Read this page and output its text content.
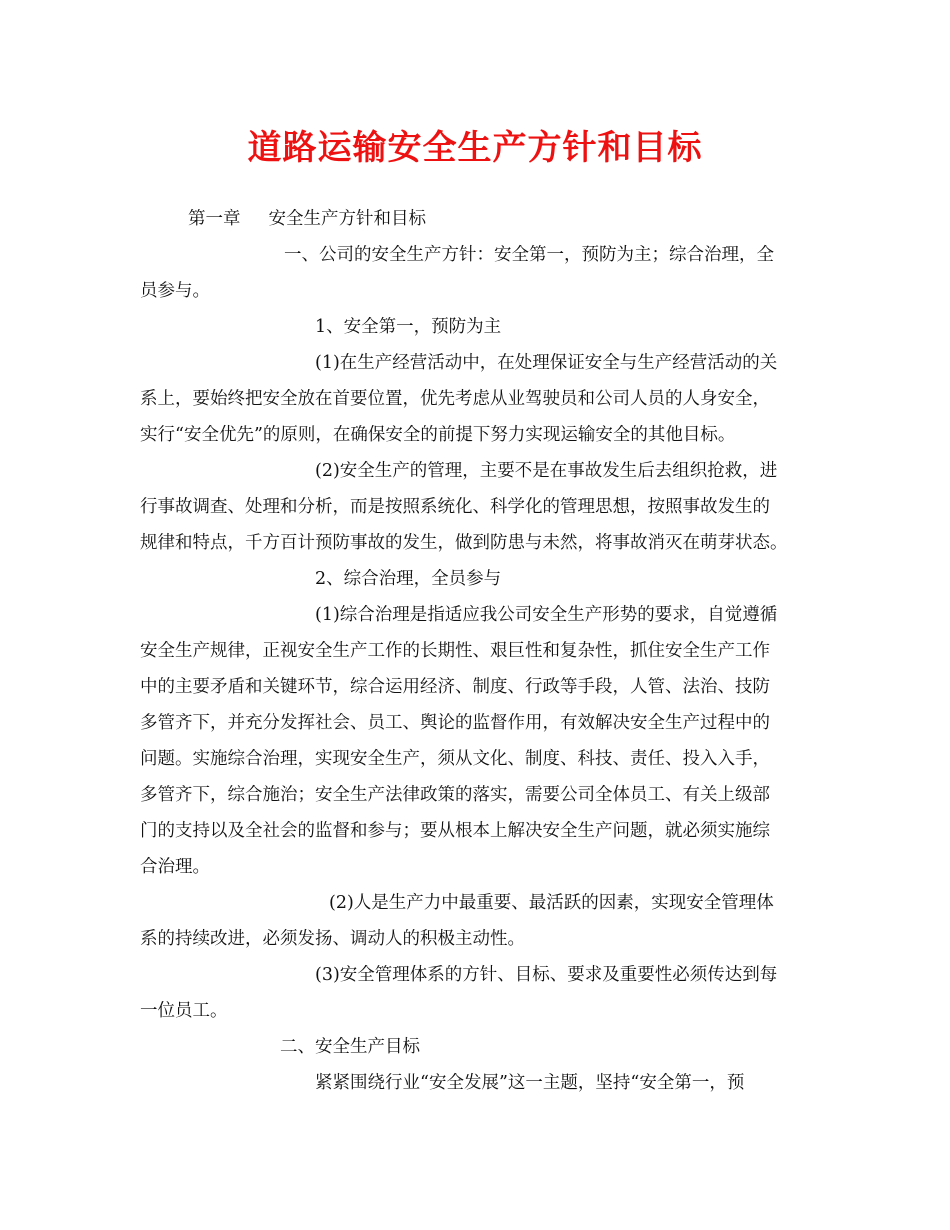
道路运输安全生产方针和目标
第一章 安全生产方针和目标
一、公司的安全生产方针：安全第一，预防为主；综合治理，全
员参与。
1、安全第一，预防为主
(1)在生产经营活动中，在处理保证安全与生产经营活动的关
系上，要始终把安全放在首要位置，优先考虑从业驾驶员和公司人员的人身安全，
实行“安全优先”的原则，在确保安全的前提下努力实现运输安全的其他目标。
(2)安全生产的管理，主要不是在事故发生后去组织抢救，进
行事故调查、处理和分析，而是按照系统化、科学化的管理思想，按照事故发生的
规律和特点，千方百计预防事故的发生，做到防患与未然，将事故消灭在萌芽状态。
2、综合治理，全员参与
(1)综合治理是指适应我公司安全生产形势的要求，自觉遵循
安全生产规律，正视安全生产工作的长期性、艰巨性和复杂性，抓住安全生产工作
中的主要矛盾和关键环节，综合运用经济、制度、行政等手段，人管、法治、技防
多管齐下，并充分发挥社会、员工、舆论的监督作用，有效解决安全生产过程中的
问题。实施综合治理，实现安全生产，须从文化、制度、科技、责任、投入入手，
多管齐下，综合施治；安全生产法律政策的落实，需要公司全体员工、有关上级部
门的支持以及全社会的监督和参与；要从根本上解决安全生产问题，就必须实施综
合治理。
(2)人是生产力中最重要、最活跃的因素，实现安全管理体
系的持续改进，必须发扬、调动人的积极主动性。
(3)安全管理体系的方针、目标、要求及重要性必须传达到每
一位员工。
二、安全生产目标
紧紧围绕行业“安全发展”这一主题，坚持“安全第一，预
